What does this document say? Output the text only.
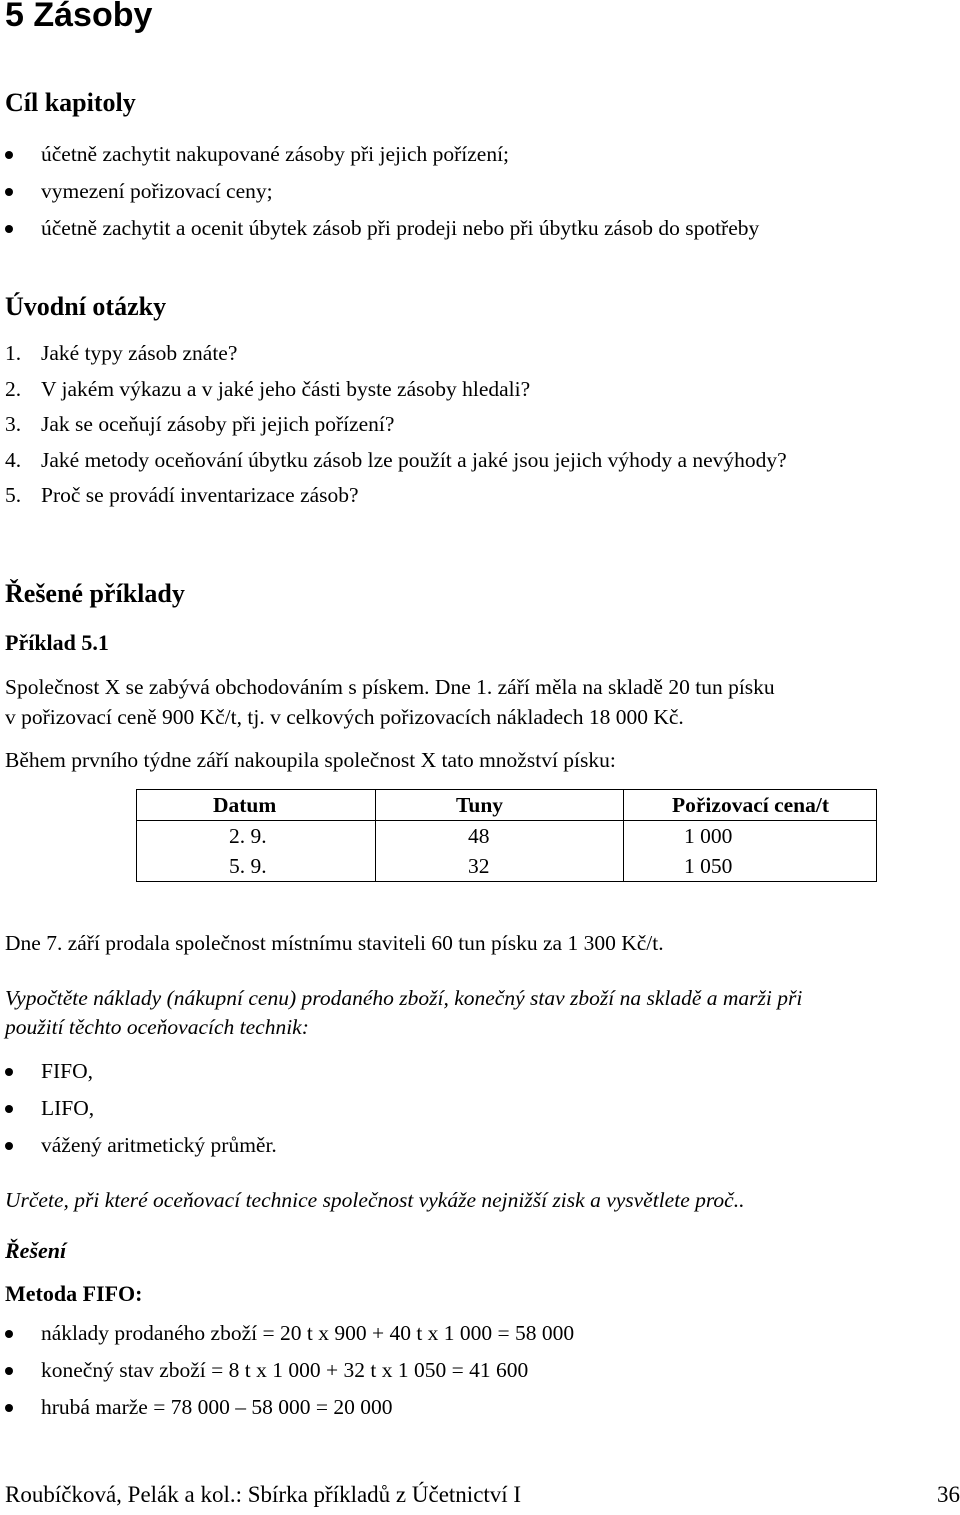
5 Zásoby
Cíl kapitoly
účetně zachytit nakupované zásoby při jejich pořízení;
vymezení pořizovací ceny;
účetně zachytit a ocenit úbytek zásob při prodeji nebo při úbytku zásob do spotřeby
Úvodní otázky
1. Jaké typy zásob znáte?
2. V jakém výkazu a v jaké jeho části byste zásoby hledali?
3. Jak se oceňují zásoby při jejich pořízení?
4. Jaké metody oceňování úbytku zásob lze použít a jaké jsou jejich výhody a nevýhody?
5. Proč se provádí inventarizace zásob?
Řešené příklady
Příklad 5.1

Společnost X se zabývá obchodováním s pískem. Dne 1. září měla na skladě 20 tun písku

v pořizovací ceně 900 Kč/t, tj. v celkových pořizovacích nákladech 18 000 Kč.

Během prvního týdne září nakoupila společnost X tato množství písku:

Datum	Tuny	Pořizovací cena/t
2. 9.	48	1 000
5. 9.	32	1 050

Dne 7. září prodala společnost místnímu staviteli 60 tun písku za 1 300 Kč/t.

Vypočtěte náklady (nákupní cenu) prodaného zboží, konečný stav zboží na skladě a marži při

použití těchto oceňovacích technik:

FIFO,
LIFO,
vážený aritmetický průměr.

Určete, při které oceňovací technice společnost vykáže nejnižší zisk a vysvětlete proč..

Řešení
Metoda FIFO:
náklady prodaného zboží = 20 t x 900 + 40 t x 1 000 = 58 000
konečný stav zboží = 8 t x 1 000 + 32 t x 1 050 = 41 600
hrubá marže = 78 000 – 58 000 = 20 000
Roubíčková, Pelák a kol.: Sbírka příkladů z Účetnictví I	36
